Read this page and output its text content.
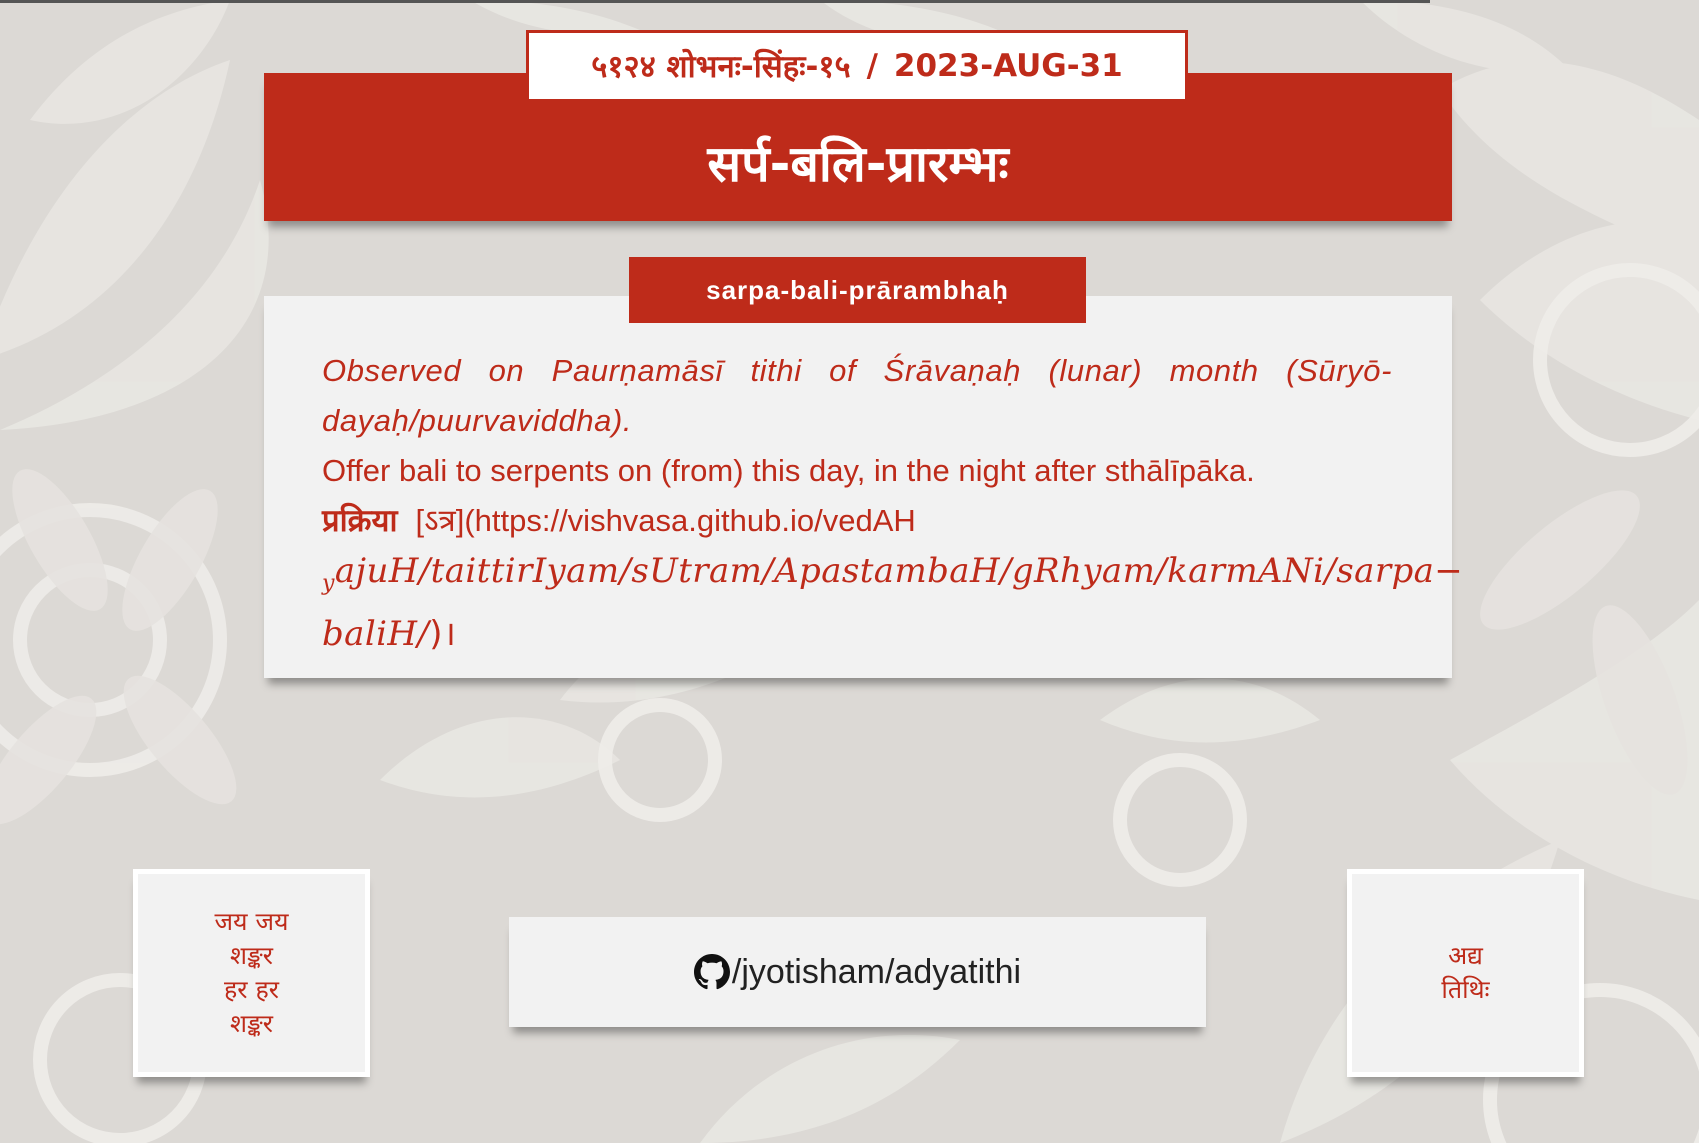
५१२४ शोभनः-सिंहः-१५ / 2023-AUG-31
सर्प-बलि-प्रारम्भः
sarpa-bali-prārambhaḥ
Observed on Paurṇamāsī tithi of Śrāvaṇaḥ (lunar) month (Sūryō-
dayaḥ/puurvaviddha).
Offer bali to serpents on (from) this day, in the night after sthālīpāka.
प्रक्रिया [ऽत्र](https://vishvasa.github.io/vedAH
$_y$ajuH/taittirIyam/sUtram/ApastambaH/gRhyam/karmANi/sarpa−
baliH/)।
जय जय
शङ्कर
हर हर
शङ्कर
/jyotisham/adyatithi	अद्य
तिथिः
